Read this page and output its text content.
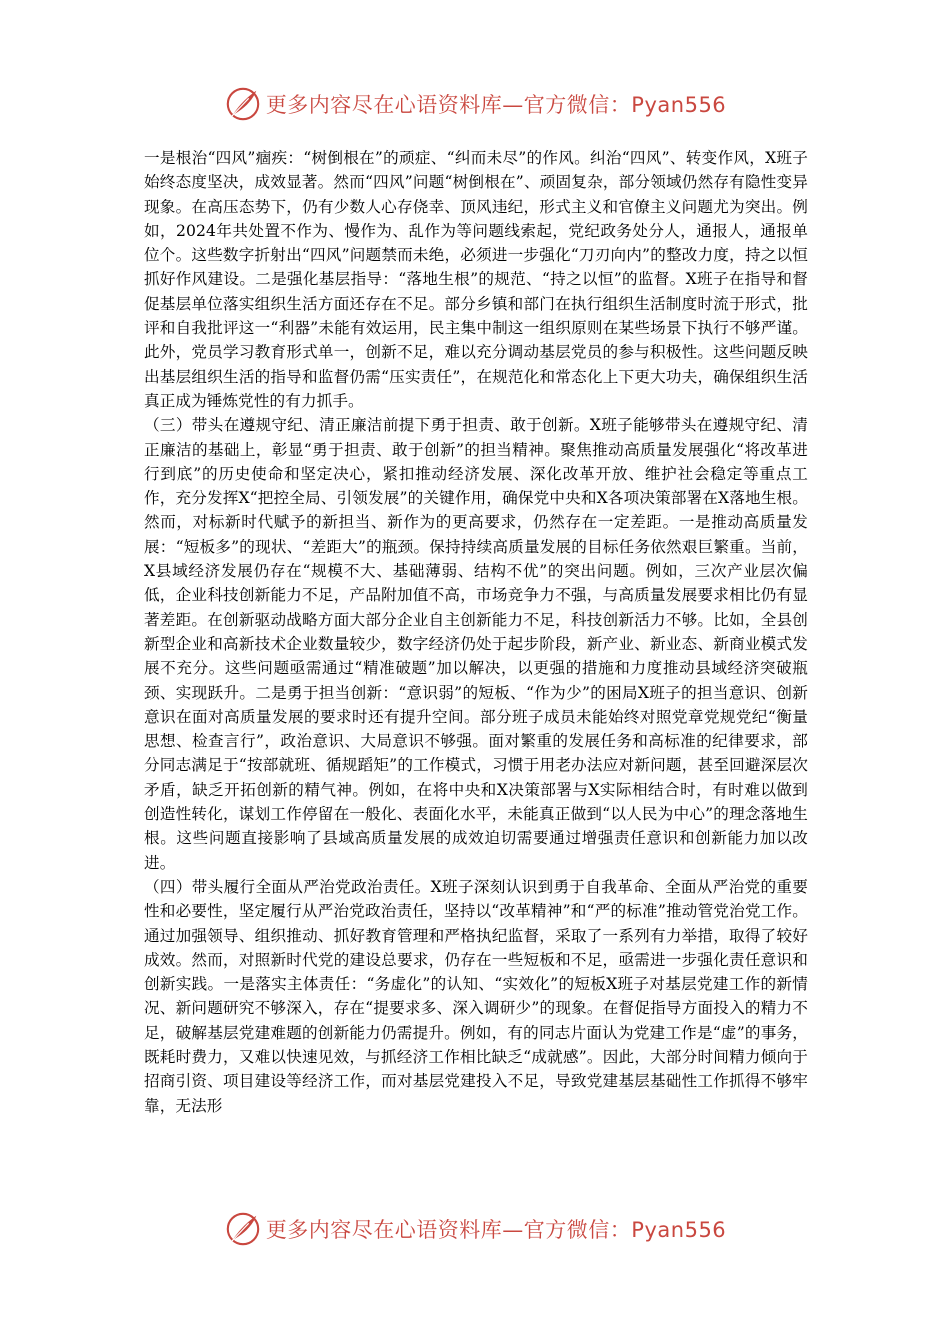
更多内容尽在心语资料库—官方微信：Pyan556

一是根治“四风”痼疾：“树倒根在”的顽症、“纠而未尽”的作风。纠治“四风”、转变作风，X班子始终态度坚决，成效显著。然而“四风”问题“树倒根在”、顽固复杂，部分领域仍然存有隐性变异现象。在高压态势下，仍有少数人心存侥幸、顶风违纪，形式主义和官僚主义问题尤为突出。例如，2024年共处置不作为、慢作为、乱作为等问题线索起，党纪政务处分人，通报人，通报单位个。这些数字折射出“四风”问题禁而未绝，必须进一步强化“刀刃向内”的整改力度，持之以恒抓好作风建设。二是强化基层指导：“落地生根”的规范、“持之以恒”的监督。X班子在指导和督促基层单位落实组织生活方面还存在不足。部分乡镇和部门在执行组织生活制度时流于形式，批评和自我批评这一“利器”未能有效运用，民主集中制这一组织原则在某些场景下执行不够严谨。此外，党员学习教育形式单一，创新不足，难以充分调动基层党员的参与积极性。这些问题反映出基层组织生活的指导和监督仍需“压实责任”，在规范化和常态化上下更大功夫，确保组织生活真正成为锤炼党性的有力抓手。

（三）带头在遵规守纪、清正廉洁前提下勇于担责、敢于创新。X班子能够带头在遵规守纪、清正廉洁的基础上，彰显“勇于担责、敢于创新”的担当精神。聚焦推动高质量发展强化“将改革进行到底”的历史使命和坚定决心，紧扣推动经济发展、深化改革开放、维护社会稳定等重点工作，充分发挥X“把控全局、引领发展”的关键作用，确保党中央和X各项决策部署在X落地生根。然而，对标新时代赋予的新担当、新作为的更高要求，仍然存在一定差距。一是推动高质量发展：“短板多”的现状、“差距大”的瓶颈。保持持续高质量发展的目标任务依然艰巨繁重。当前，X县域经济发展仍存在“规模不大、基础薄弱、结构不优”的突出问题。例如，三次产业层次偏低，企业科技创新能力不足，产品附加值不高，市场竞争力不强，与高质量发展要求相比仍有显著差距。在创新驱动战略方面大部分企业自主创新能力不足，科技创新活力不够。比如，全县创新型企业和高新技术企业数量较少，数字经济仍处于起步阶段，新产业、新业态、新商业模式发展不充分。这些问题亟需通过“精准破题”加以解决，以更强的措施和力度推动县域经济突破瓶颈、实现跃升。二是勇于担当创新：“意识弱”的短板、“作为少”的困局X班子的担当意识、创新意识在面对高质量发展的要求时还有提升空间。部分班子成员未能始终对照党章党规党纪“衡量思想、检查言行”，政治意识、大局意识不够强。面对繁重的发展任务和高标准的纪律要求，部分同志满足于“按部就班、循规蹈矩”的工作模式，习惯于用老办法应对新问题，甚至回避深层次矛盾，缺乏开拓创新的精气神。例如，在将中央和X决策部署与X实际相结合时，有时难以做到创造性转化，谋划工作停留在一般化、表面化水平，未能真正做到“以人民为中心”的理念落地生根。这些问题直接影响了县域高质量发展的成效迫切需要通过增强责任意识和创新能力加以改进。

（四）带头履行全面从严治党政治责任。X班子深刻认识到勇于自我革命、全面从严治党的重要性和必要性，坚定履行从严治党政治责任，坚持以“改革精神”和“严的标准”推动管党治党工作。通过加强领导、组织推动、抓好教育管理和严格执纪监督，采取了一系列有力举措，取得了较好成效。然而，对照新时代党的建设总要求，仍存在一些短板和不足，亟需进一步强化责任意识和创新实践。一是落实主体责任：“务虚化”的认知、“实效化”的短板X班子对基层党建工作的新情况、新问题研究不够深入，存在“提要求多、深入调研少”的现象。在督促指导方面投入的精力不足，破解基层党建难题的创新能力仍需提升。例如，有的同志片面认为党建工作是“虚”的事务，既耗时费力，又难以快速见效，与抓经济工作相比缺乏“成就感”。因此，大部分时间精力倾向于招商引资、项目建设等经济工作，而对基层党建投入不足，导致党建基层基础性工作抓得不够牢靠，无法形

更多内容尽在心语资料库—官方微信：Pyan556
